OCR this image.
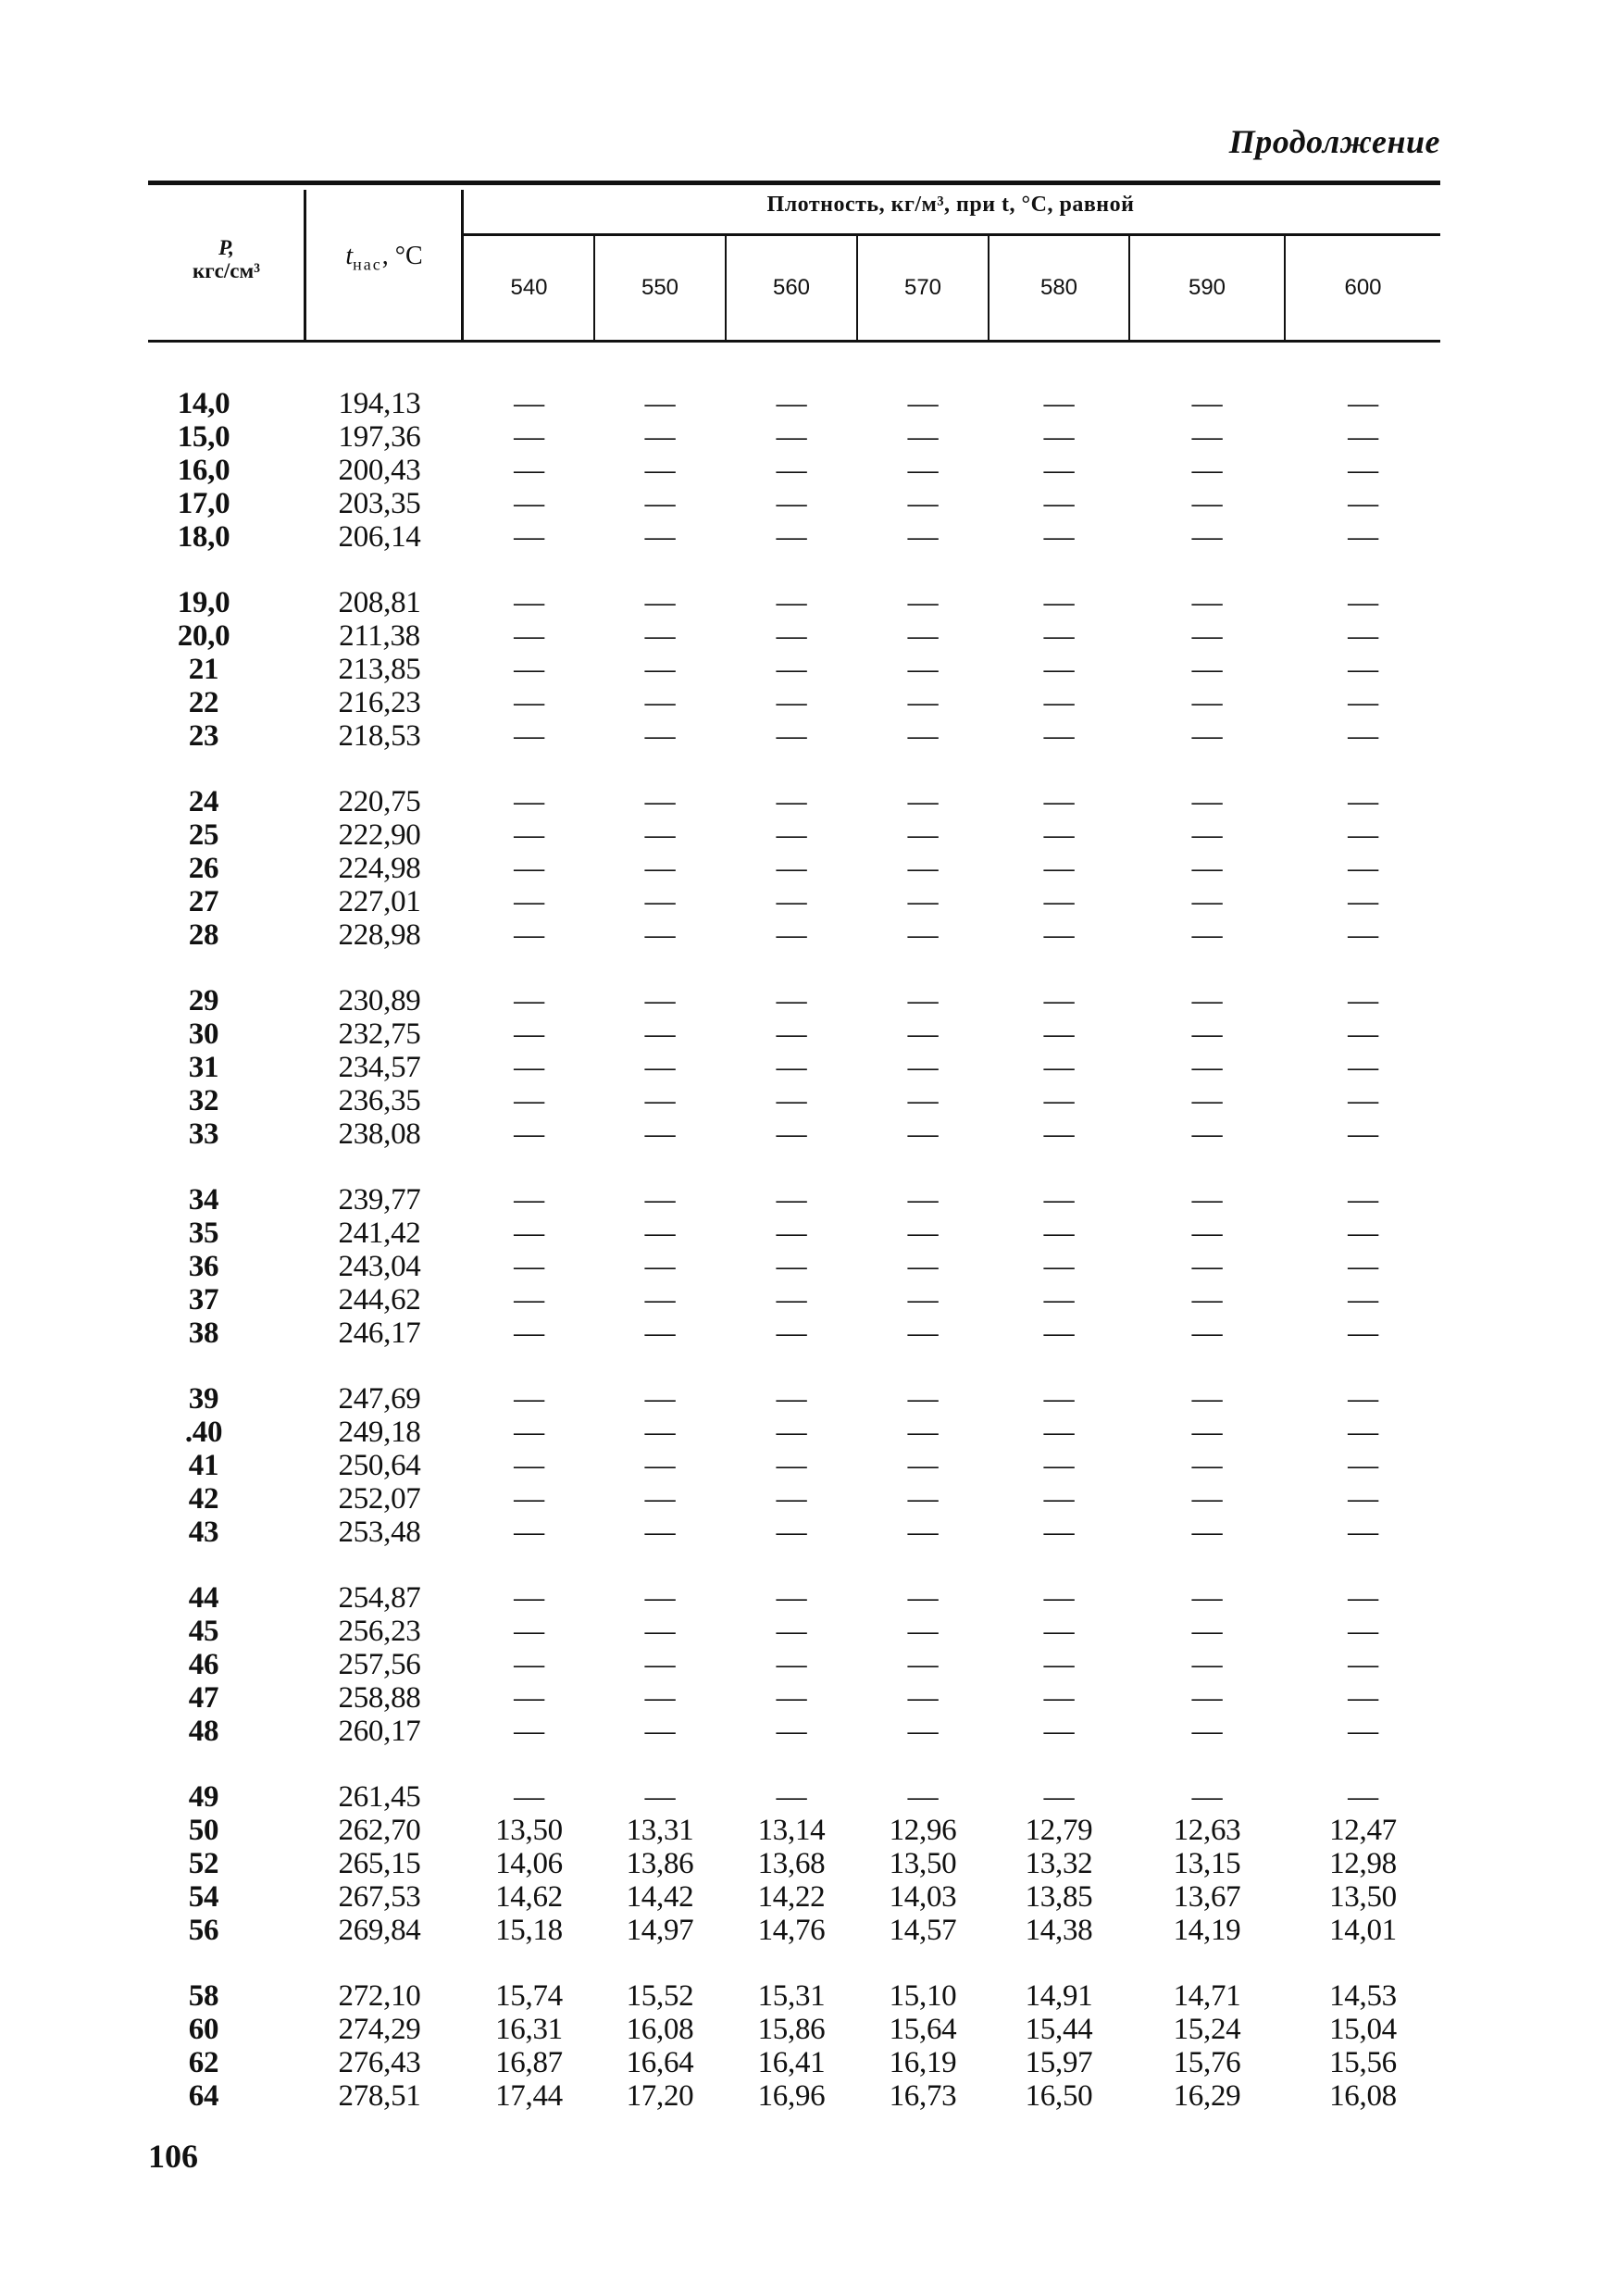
Продолжение
P,
кгс/см³
$t_{нас}$, °C
Плотность, кг/м³, при t, °C, равной
540	550	560	570	580	590	600
14,0	194,13	—	—	—	—	—	—	—
15,0	197,36	—	—	—	—	—	—	—
16,0	200,43	—	—	—	—	—	—	—
17,0	203,35	—	—	—	—	—	—	—
18,0	206,14	—	—	—	—	—	—	—
19,0	208,81	—	—	—	—	—	—	—
20,0	211,38	—	—	—	—	—	—	—
21	213,85	—	—	—	—	—	—	—
22	216,23	—	—	—	—	—	—	—
23	218,53	—	—	—	—	—	—	—
24	220,75	—	—	—	—	—	—	—
25	222,90	—	—	—	—	—	—	—
26	224,98	—	—	—	—	—	—	—
27	227,01	—	—	—	—	—	—	—
28	228,98	—	—	—	—	—	—	—
29	230,89	—	—	—	—	—	—	—
30	232,75	—	—	—	—	—	—	—
31	234,57	—	—	—	—	—	—	—
32	236,35	—	—	—	—	—	—	—
33	238,08	—	—	—	—	—	—	—
34	239,77	—	—	—	—	—	—	—
35	241,42	—	—	—	—	—	—	—
36	243,04	—	—	—	—	—	—	—
37	244,62	—	—	—	—	—	—	—
38	246,17	—	—	—	—	—	—	—
39	247,69	—	—	—	—	—	—	—
.40	249,18	—	—	—	—	—	—	—
41	250,64	—	—	—	—	—	—	—
42	252,07	—	—	—	—	—	—	—
43	253,48	—	—	—	—	—	—	—
44	254,87	—	—	—	—	—	—	—
45	256,23	—	—	—	—	—	—	—
46	257,56	—	—	—	—	—	—	—
47	258,88	—	—	—	—	—	—	—
48	260,17	—	—	—	—	—	—	—
49	261,45	—	—	—	—	—	—	—
50	262,70	13,50	13,31	13,14	12,96	12,79	12,63	12,47
52	265,15	14,06	13,86	13,68	13,50	13,32	13,15	12,98
54	267,53	14,62	14,42	14,22	14,03	13,85	13,67	13,50
56	269,84	15,18	14,97	14,76	14,57	14,38	14,19	14,01
58	272,10	15,74	15,52	15,31	15,10	14,91	14,71	14,53
60	274,29	16,31	16,08	15,86	15,64	15,44	15,24	15,04
62	276,43	16,87	16,64	16,41	16,19	15,97	15,76	15,56
64	278,51	17,44	17,20	16,96	16,73	16,50	16,29	16,08
106
